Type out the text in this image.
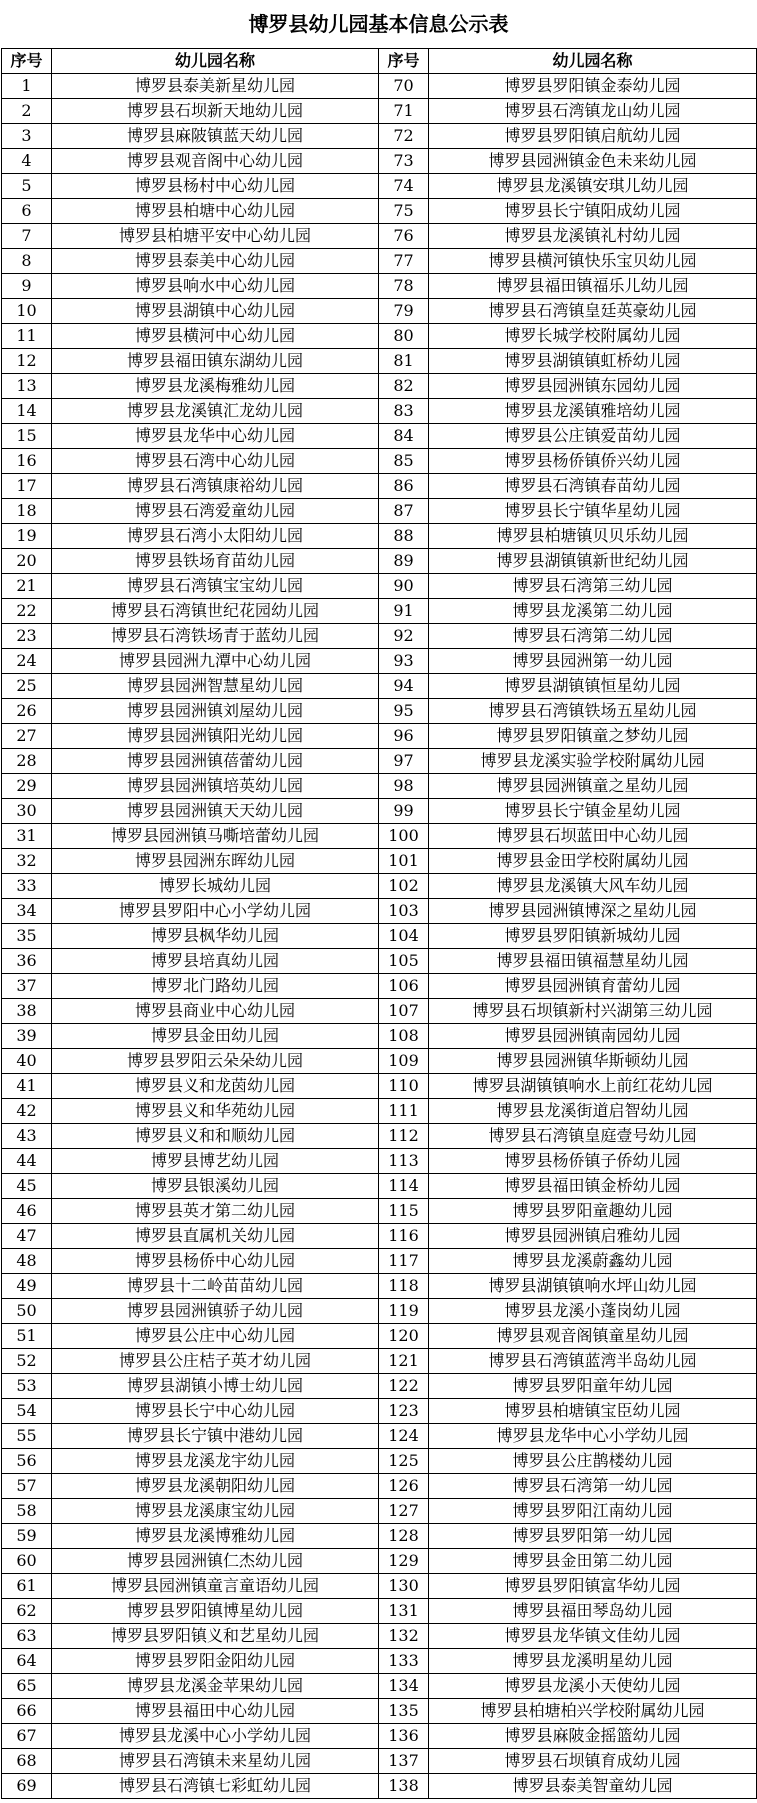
博罗县幼儿园基本信息公示表
序号	幼儿园名称	序号	幼儿园名称
1	博罗县泰美新星幼儿园	70	博罗县罗阳镇金泰幼儿园
2	博罗县石坝新天地幼儿园	71	博罗县石湾镇龙山幼儿园
3	博罗县麻陂镇蓝天幼儿园	72	博罗县罗阳镇启航幼儿园
4	博罗县观音阁中心幼儿园	73	博罗县园洲镇金色未来幼儿园
5	博罗县杨村中心幼儿园	74	博罗县龙溪镇安琪儿幼儿园
6	博罗县柏塘中心幼儿园	75	博罗县长宁镇阳成幼儿园
7	博罗县柏塘平安中心幼儿园	76	博罗县龙溪镇礼村幼儿园
8	博罗县泰美中心幼儿园	77	博罗县横河镇快乐宝贝幼儿园
9	博罗县响水中心幼儿园	78	博罗县福田镇福乐儿幼儿园
10	博罗县湖镇中心幼儿园	79	博罗县石湾镇皇廷英豪幼儿园
11	博罗县横河中心幼儿园	80	博罗长城学校附属幼儿园
12	博罗县福田镇东湖幼儿园	81	博罗县湖镇镇虹桥幼儿园
13	博罗县龙溪梅雅幼儿园	82	博罗县园洲镇东园幼儿园
14	博罗县龙溪镇汇龙幼儿园	83	博罗县龙溪镇雅培幼儿园
15	博罗县龙华中心幼儿园	84	博罗县公庄镇爱苗幼儿园
16	博罗县石湾中心幼儿园	85	博罗县杨侨镇侨兴幼儿园
17	博罗县石湾镇康裕幼儿园	86	博罗县石湾镇春苗幼儿园
18	博罗县石湾爱童幼儿园	87	博罗县长宁镇华星幼儿园
19	博罗县石湾小太阳幼儿园	88	博罗县柏塘镇贝贝乐幼儿园
20	博罗县铁场育苗幼儿园	89	博罗县湖镇镇新世纪幼儿园
21	博罗县石湾镇宝宝幼儿园	90	博罗县石湾第三幼儿园
22	博罗县石湾镇世纪花园幼儿园	91	博罗县龙溪第二幼儿园
23	博罗县石湾铁场青于蓝幼儿园	92	博罗县石湾第二幼儿园
24	博罗县园洲九潭中心幼儿园	93	博罗县园洲第一幼儿园
25	博罗县园洲智慧星幼儿园	94	博罗县湖镇镇恒星幼儿园
26	博罗县园洲镇刘屋幼儿园	95	博罗县石湾镇铁场五星幼儿园
27	博罗县园洲镇阳光幼儿园	96	博罗县罗阳镇童之梦幼儿园
28	博罗县园洲镇蓓蕾幼儿园	97	博罗县龙溪实验学校附属幼儿园
29	博罗县园洲镇培英幼儿园	98	博罗县园洲镇童之星幼儿园
30	博罗县园洲镇天天幼儿园	99	博罗县长宁镇金星幼儿园
31	博罗县园洲镇马嘶培蕾幼儿园	100	博罗县石坝蓝田中心幼儿园
32	博罗县园洲东晖幼儿园	101	博罗县金田学校附属幼儿园
33	博罗长城幼儿园	102	博罗县龙溪镇大风车幼儿园
34	博罗县罗阳中心小学幼儿园	103	博罗县园洲镇博深之星幼儿园
35	博罗县枫华幼儿园	104	博罗县罗阳镇新城幼儿园
36	博罗县培真幼儿园	105	博罗县福田镇福慧星幼儿园
37	博罗北门路幼儿园	106	博罗县园洲镇育蕾幼儿园
38	博罗县商业中心幼儿园	107	博罗县石坝镇新村兴湖第三幼儿园
39	博罗县金田幼儿园	108	博罗县园洲镇南园幼儿园
40	博罗县罗阳云朵朵幼儿园	109	博罗县园洲镇华斯顿幼儿园
41	博罗县义和龙茵幼儿园	110	博罗县湖镇镇响水上前红花幼儿园
42	博罗县义和华苑幼儿园	111	博罗县龙溪街道启智幼儿园
43	博罗县义和和顺幼儿园	112	博罗县石湾镇皇庭壹号幼儿园
44	博罗县博艺幼儿园	113	博罗县杨侨镇子侨幼儿园
45	博罗县银溪幼儿园	114	博罗县福田镇金桥幼儿园
46	博罗县英才第二幼儿园	115	博罗县罗阳童趣幼儿园
47	博罗县直属机关幼儿园	116	博罗县园洲镇启雅幼儿园
48	博罗县杨侨中心幼儿园	117	博罗县龙溪蔚鑫幼儿园
49	博罗县十二岭苗苗幼儿园	118	博罗县湖镇镇响水坪山幼儿园
50	博罗县园洲镇骄子幼儿园	119	博罗县龙溪小蓬岗幼儿园
51	博罗县公庄中心幼儿园	120	博罗县观音阁镇童星幼儿园
52	博罗县公庄桔子英才幼儿园	121	博罗县石湾镇蓝湾半岛幼儿园
53	博罗县湖镇小博士幼儿园	122	博罗县罗阳童年幼儿园
54	博罗县长宁中心幼儿园	123	博罗县柏塘镇宝臣幼儿园
55	博罗县长宁镇中港幼儿园	124	博罗县龙华中心小学幼儿园
56	博罗县龙溪龙宇幼儿园	125	博罗县公庄鹊楼幼儿园
57	博罗县龙溪朝阳幼儿园	126	博罗县石湾第一幼儿园
58	博罗县龙溪康宝幼儿园	127	博罗县罗阳江南幼儿园
59	博罗县龙溪博雅幼儿园	128	博罗县罗阳第一幼儿园
60	博罗县园洲镇仁杰幼儿园	129	博罗县金田第二幼儿园
61	博罗县园洲镇童言童语幼儿园	130	博罗县罗阳镇富华幼儿园
62	博罗县罗阳镇博星幼儿园	131	博罗县福田琴岛幼儿园
63	博罗县罗阳镇义和艺星幼儿园	132	博罗县龙华镇文佳幼儿园
64	博罗县罗阳金阳幼儿园	133	博罗县龙溪明星幼儿园
65	博罗县龙溪金苹果幼儿园	134	博罗县龙溪小天使幼儿园
66	博罗县福田中心幼儿园	135	博罗县柏塘柏兴学校附属幼儿园
67	博罗县龙溪中心小学幼儿园	136	博罗县麻陂金摇篮幼儿园
68	博罗县石湾镇未来星幼儿园	137	博罗县石坝镇育成幼儿园
69	博罗县石湾镇七彩虹幼儿园	138	博罗县泰美智童幼儿园
